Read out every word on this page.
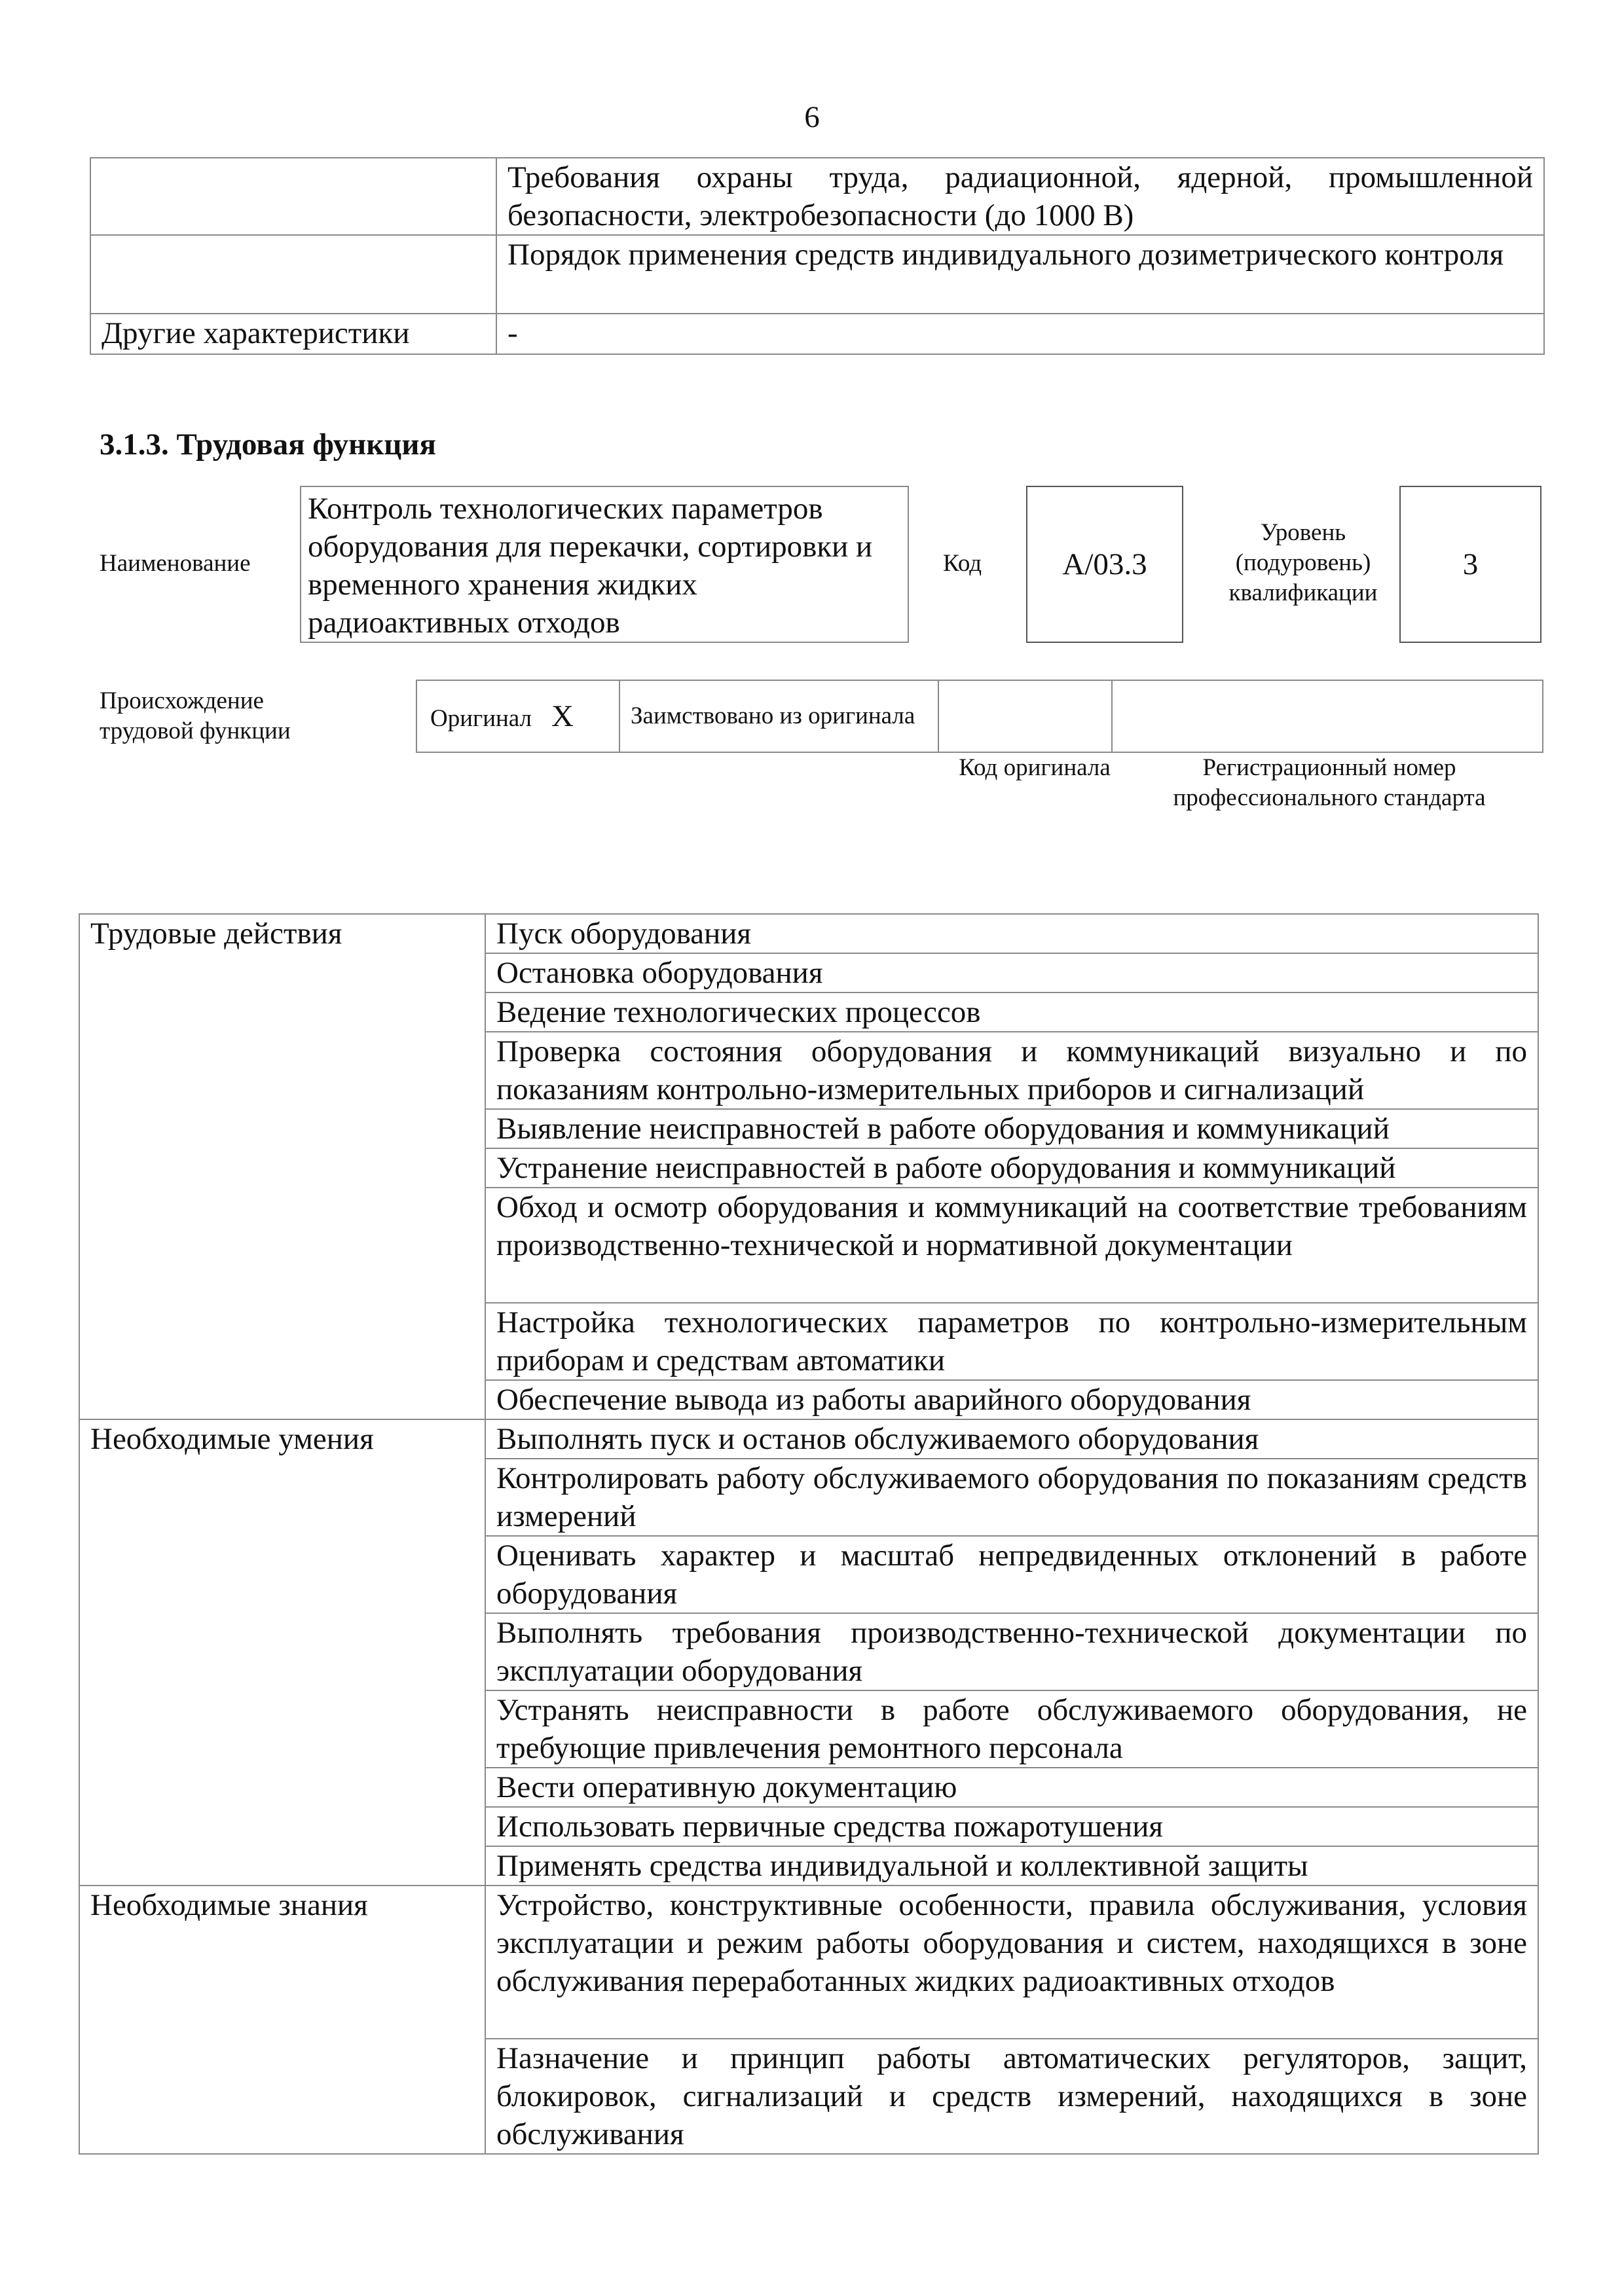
6
	Требования охраны труда, радиационной, ядерной, промышленной безопасности, электробезопасности (до 1000 В)
	Порядок применения средств индивидуального дозиметрического контроля
Другие характеристики	-
3.1.3. Трудовая функция
Наименование
Контроль технологических параметров оборудования для перекачки, сортировки и временного хранения жидких радиоактивных отходов
Код	A/03.3
Уровень (подуровень) квалификации
3
Происхождение трудовой функции	Оригинал X	Заимствовано из оригинала		
Код оригинала	Регистрационный номер профессионального стандарта
Трудовые действия	Пуск оборудования
	Остановка оборудования
	Ведение технологических процессов
	Проверка состояния оборудования и коммуникаций визуально и по показаниям контрольно-измерительных приборов и сигнализаций
	Выявление неисправностей в работе оборудования и коммуникаций
	Устранение неисправностей в работе оборудования и коммуникаций
	Обход и осмотр оборудования и коммуникаций на соответствие требованиям производственно-технической и нормативной документации
	Настройка технологических параметров по контрольно-измерительным приборам и средствам автоматики
	Обеспечение вывода из работы аварийного оборудования
Необходимые умения	Выполнять пуск и останов обслуживаемого оборудования
	Контролировать работу обслуживаемого оборудования по показаниям средств измерений
	Оценивать характер и масштаб непредвиденных отклонений в работе оборудования
	Выполнять требования производственно-технической документации по эксплуатации оборудования
	Устранять неисправности в работе обслуживаемого оборудования, не требующие привлечения ремонтного персонала
	Вести оперативную документацию
	Использовать первичные средства пожаротушения
	Применять средства индивидуальной и коллективной защиты
Необходимые знания	Устройство, конструктивные особенности, правила обслуживания, условия эксплуатации и режим работы оборудования и систем, находящихся в зоне обслуживания переработанных жидких радиоактивных отходов
	Назначение и принцип работы автоматических регуляторов, защит, блокировок, сигнализаций и средств измерений, находящихся в зоне обслуживания
